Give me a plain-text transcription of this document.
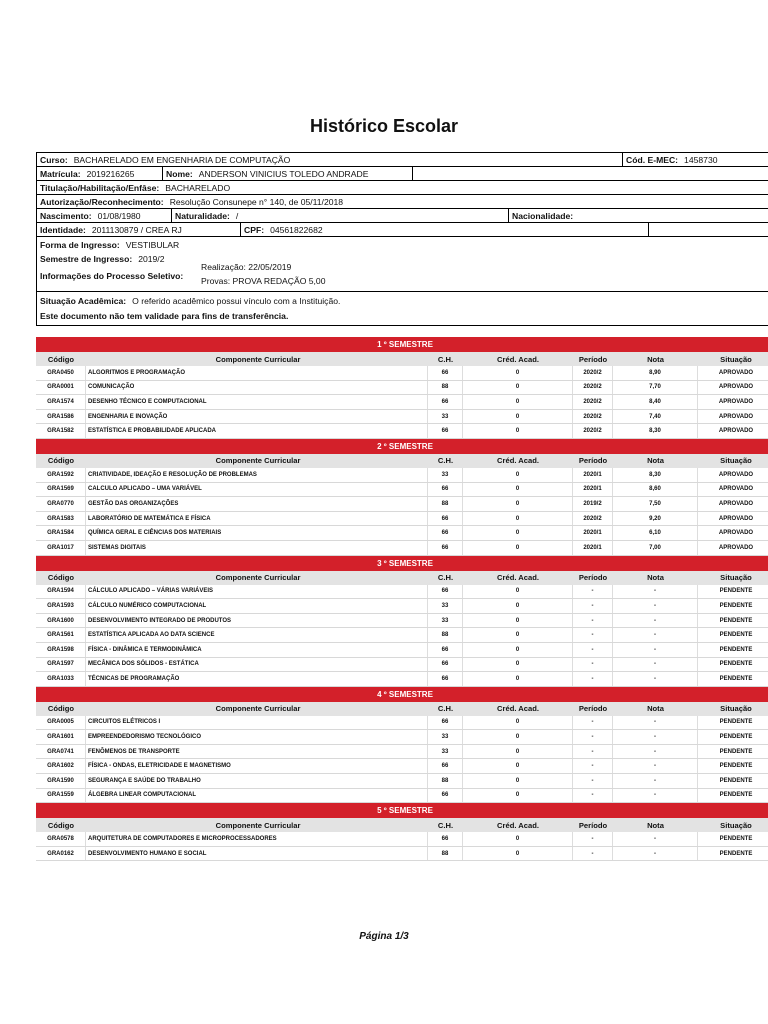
Histórico Escolar
Curso: BACHARELADO EM ENGENHARIA DE COMPUTAÇÃO	Cód. E-MEC: 1458730
Matrícula: 2019216265	Nome: ANDERSON VINICIUS TOLEDO ANDRADE
Titulação/Habilitação/Enfâse: BACHARELADO
Autorização/Reconhecimento: Resolução Consunepe n° 140, de 05/11/2018
Nascimento: 01/08/1980	Naturalidade: /	Nacionalidade:
Identidade: 2011130879 / CREA RJ	CPF: 04561822682
Forma de Ingresso: VESTIBULAR
Semestre de Ingresso: 2019/2
Informações do Processo Seletivo:
Realização: 22/05/2019
Provas: PROVA REDAÇÃO 5,00
Situação Acadêmica: O referido acadêmico possui vínculo com a Instituição.
Este documento não tem validade para fins de transferência.
1 º SEMESTRE
Código	Componente Curricular	C.H.	Créd. Acad.	Período	Nota	Situação
GRA0450	ALGORITMOS E PROGRAMAÇÃO	66	0	2020/2	8,90	APROVADO
GRA0001	COMUNICAÇÃO	88	0	2020/2	7,70	APROVADO
GRA1574	DESENHO TÉCNICO E COMPUTACIONAL	66	0	2020/2	8,40	APROVADO
GRA1586	ENGENHARIA E INOVAÇÃO	33	0	2020/2	7,40	APROVADO
GRA1582	ESTATÍSTICA E PROBABILIDADE APLICADA	66	0	2020/2	8,30	APROVADO
2 º SEMESTRE
Código	Componente Curricular	C.H.	Créd. Acad.	Período	Nota	Situação
GRA1592	CRIATIVIDADE, IDEAÇÃO E RESOLUÇÃO DE PROBLEMAS	33	0	2020/1	8,30	APROVADO
GRA1569	CALCULO APLICADO – UMA VARIÁVEL	66	0	2020/1	8,60	APROVADO
GRA0770	GESTÃO DAS ORGANIZAÇÕES	88	0	2019/2	7,50	APROVADO
GRA1583	LABORATÓRIO DE MATEMÁTICA E FÍSICA	66	0	2020/2	9,20	APROVADO
GRA1584	QUÍMICA GERAL E CIÊNCIAS DOS MATERIAIS	66	0	2020/1	6,10	APROVADO
GRA1017	SISTEMAS DIGITAIS	66	0	2020/1	7,00	APROVADO
3 º SEMESTRE
Código	Componente Curricular	C.H.	Créd. Acad.	Período	Nota	Situação
GRA1594	CÁLCULO APLICADO – VÁRIAS VARIÁVEIS	66	0	-	-	PENDENTE
GRA1593	CÁLCULO NUMÉRICO COMPUTACIONAL	33	0	-	-	PENDENTE
GRA1600	DESENVOLVIMENTO INTEGRADO DE PRODUTOS	33	0	-	-	PENDENTE
GRA1561	ESTATÍSTICA APLICADA AO DATA SCIENCE	88	0	-	-	PENDENTE
GRA1598	FÍSICA - DINÂMICA E TERMODINÂMICA	66	0	-	-	PENDENTE
GRA1597	MECÂNICA DOS SÓLIDOS - ESTÁTICA	66	0	-	-	PENDENTE
GRA1033	TÉCNICAS DE PROGRAMAÇÃO	66	0	-	-	PENDENTE
4 º SEMESTRE
Código	Componente Curricular	C.H.	Créd. Acad.	Período	Nota	Situação
GRA0005	CIRCUITOS ELÉTRICOS I	66	0	-	-	PENDENTE
GRA1601	EMPREENDEDORISMO TECNOLÓGICO	33	0	-	-	PENDENTE
GRA0741	FENÔMENOS DE TRANSPORTE	33	0	-	-	PENDENTE
GRA1602	FÍSICA - ONDAS, ELETRICIDADE E MAGNETISMO	66	0	-	-	PENDENTE
GRA1590	SEGURANÇA E SAÚDE DO TRABALHO	88	0	-	-	PENDENTE
GRA1559	ÁLGEBRA LINEAR COMPUTACIONAL	66	0	-	-	PENDENTE
5 º SEMESTRE
Código	Componente Curricular	C.H.	Créd. Acad.	Período	Nota	Situação
GRA0578	ARQUITETURA DE COMPUTADORES E MICROPROCESSADORES	66	0	-	-	PENDENTE
GRA0162	DESENVOLVIMENTO HUMANO E SOCIAL	88	0	-	-	PENDENTE
Página 1/3
